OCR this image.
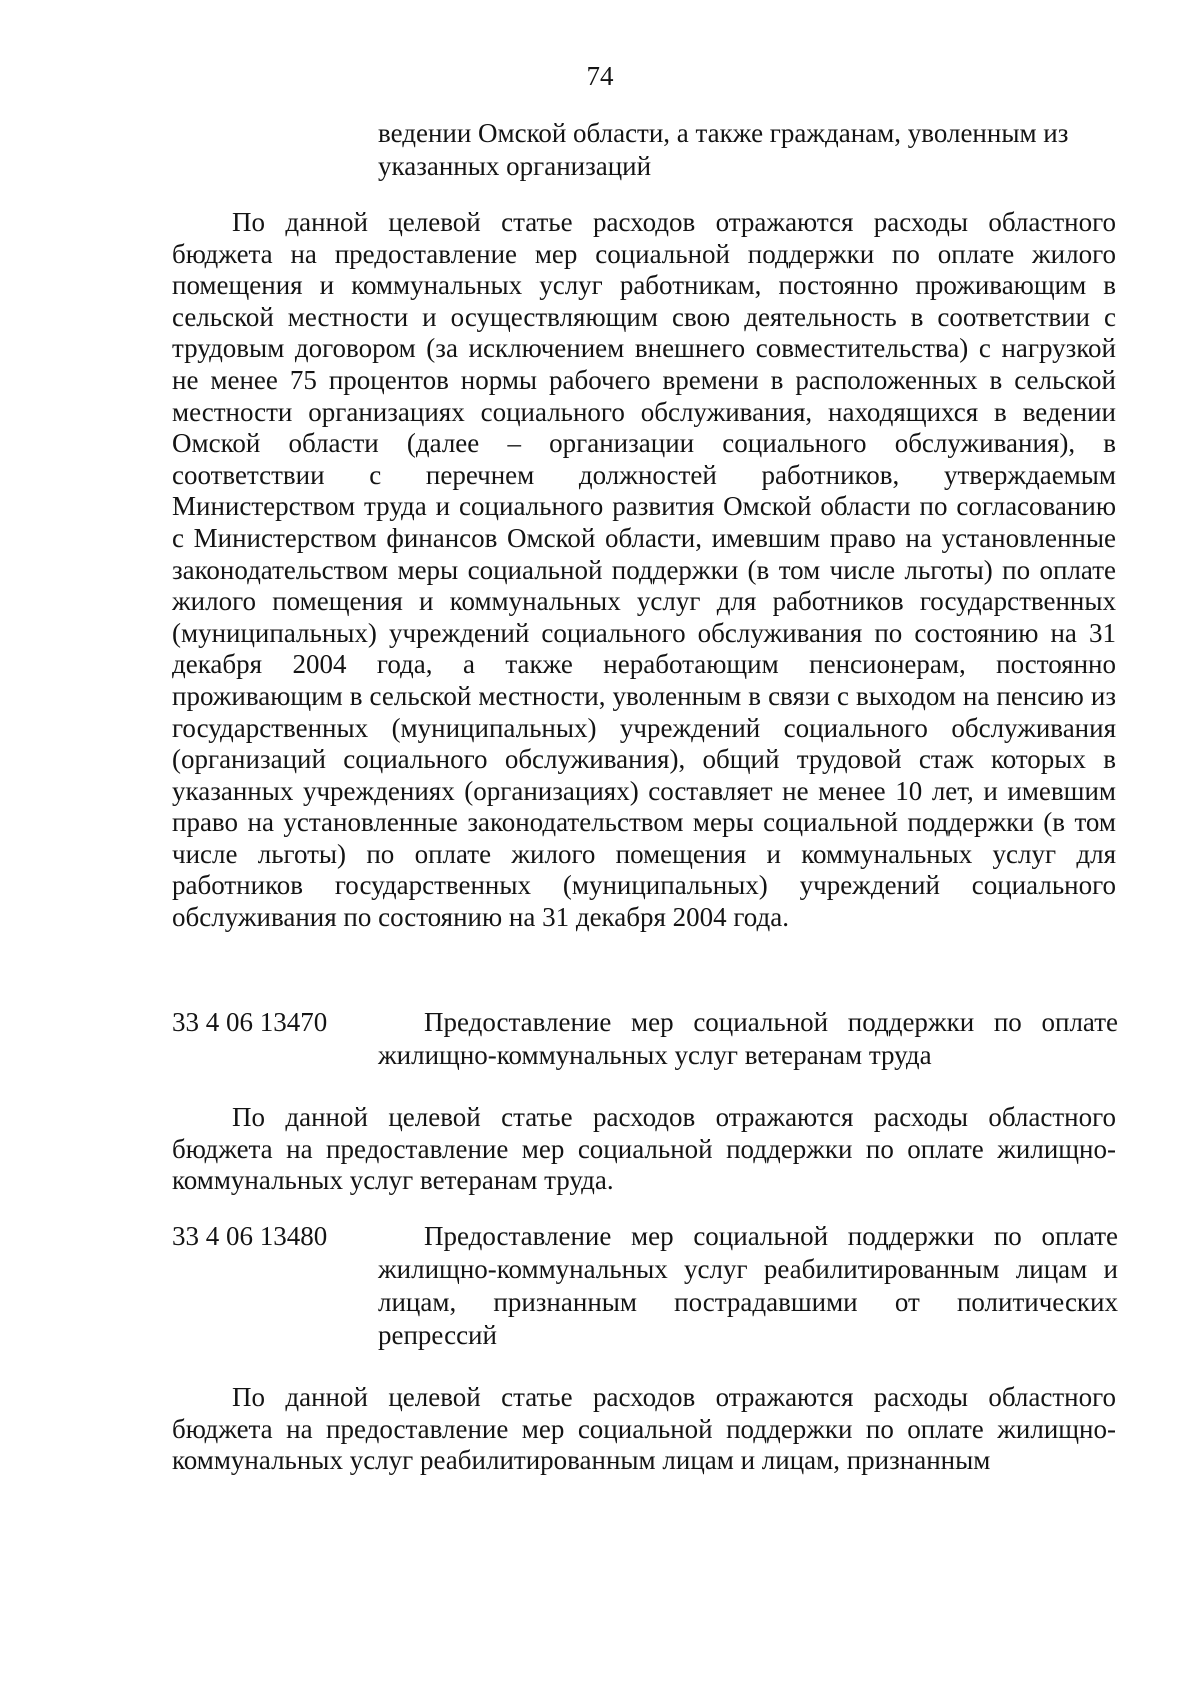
74
ведении Омской области, а также гражданам, уволенным из указанных организаций

По данной целевой статье расходов отражаются расходы областного бюджета на предоставление мер социальной поддержки по оплате жилого помещения и коммунальных услуг работникам, постоянно проживающим в сельской местности и осуществляющим свою деятельность в соответствии с трудовым договором (за исключением внешнего совместительства) с нагрузкой не менее 75 процентов нормы рабочего времени в расположенных в сельской местности организациях социального обслуживания, находящихся в ведении Омской области (далее – организации социального обслуживания), в соответствии с перечнем должностей работников, утверждаемым Министерством труда и социального развития Омской области по согласованию с Министерством финансов Омской области, имевшим право на установленные законодательством меры социальной поддержки (в том числе льготы) по оплате жилого помещения и коммунальных услуг для работников государственных (муниципальных) учреждений социального обслуживания по состоянию на 31 декабря 2004 года, а также неработающим пенсионерам, постоянно проживающим в сельской местности, уволенным в связи с выходом на пенсию из государственных (муниципальных) учреждений социального обслуживания (организаций социального обслуживания), общий трудовой стаж которых в указанных учреждениях (организациях) составляет не менее 10 лет, и имевшим право на установленные законодательством меры социальной поддержки (в том числе льготы) по оплате жилого помещения и коммунальных услуг для работников государственных (муниципальных) учреждений социального обслуживания по состоянию на 31 декабря 2004 года.

33 4 06 13470	Предоставление мер социальной поддержки по оплате жилищно-коммунальных услуг ветеранам труда

По данной целевой статье расходов отражаются расходы областного бюджета на предоставление мер социальной поддержки по оплате жилищно-коммунальных услуг ветеранам труда.

33 4 06 13480	Предоставление мер социальной поддержки по оплате жилищно-коммунальных услуг реабилитированным лицам и лицам, признанным пострадавшими от политических репрессий

По данной целевой статье расходов отражаются расходы областного бюджета на предоставление мер социальной поддержки по оплате жилищно-коммунальных услуг реабилитированным лицам и лицам, признанным
